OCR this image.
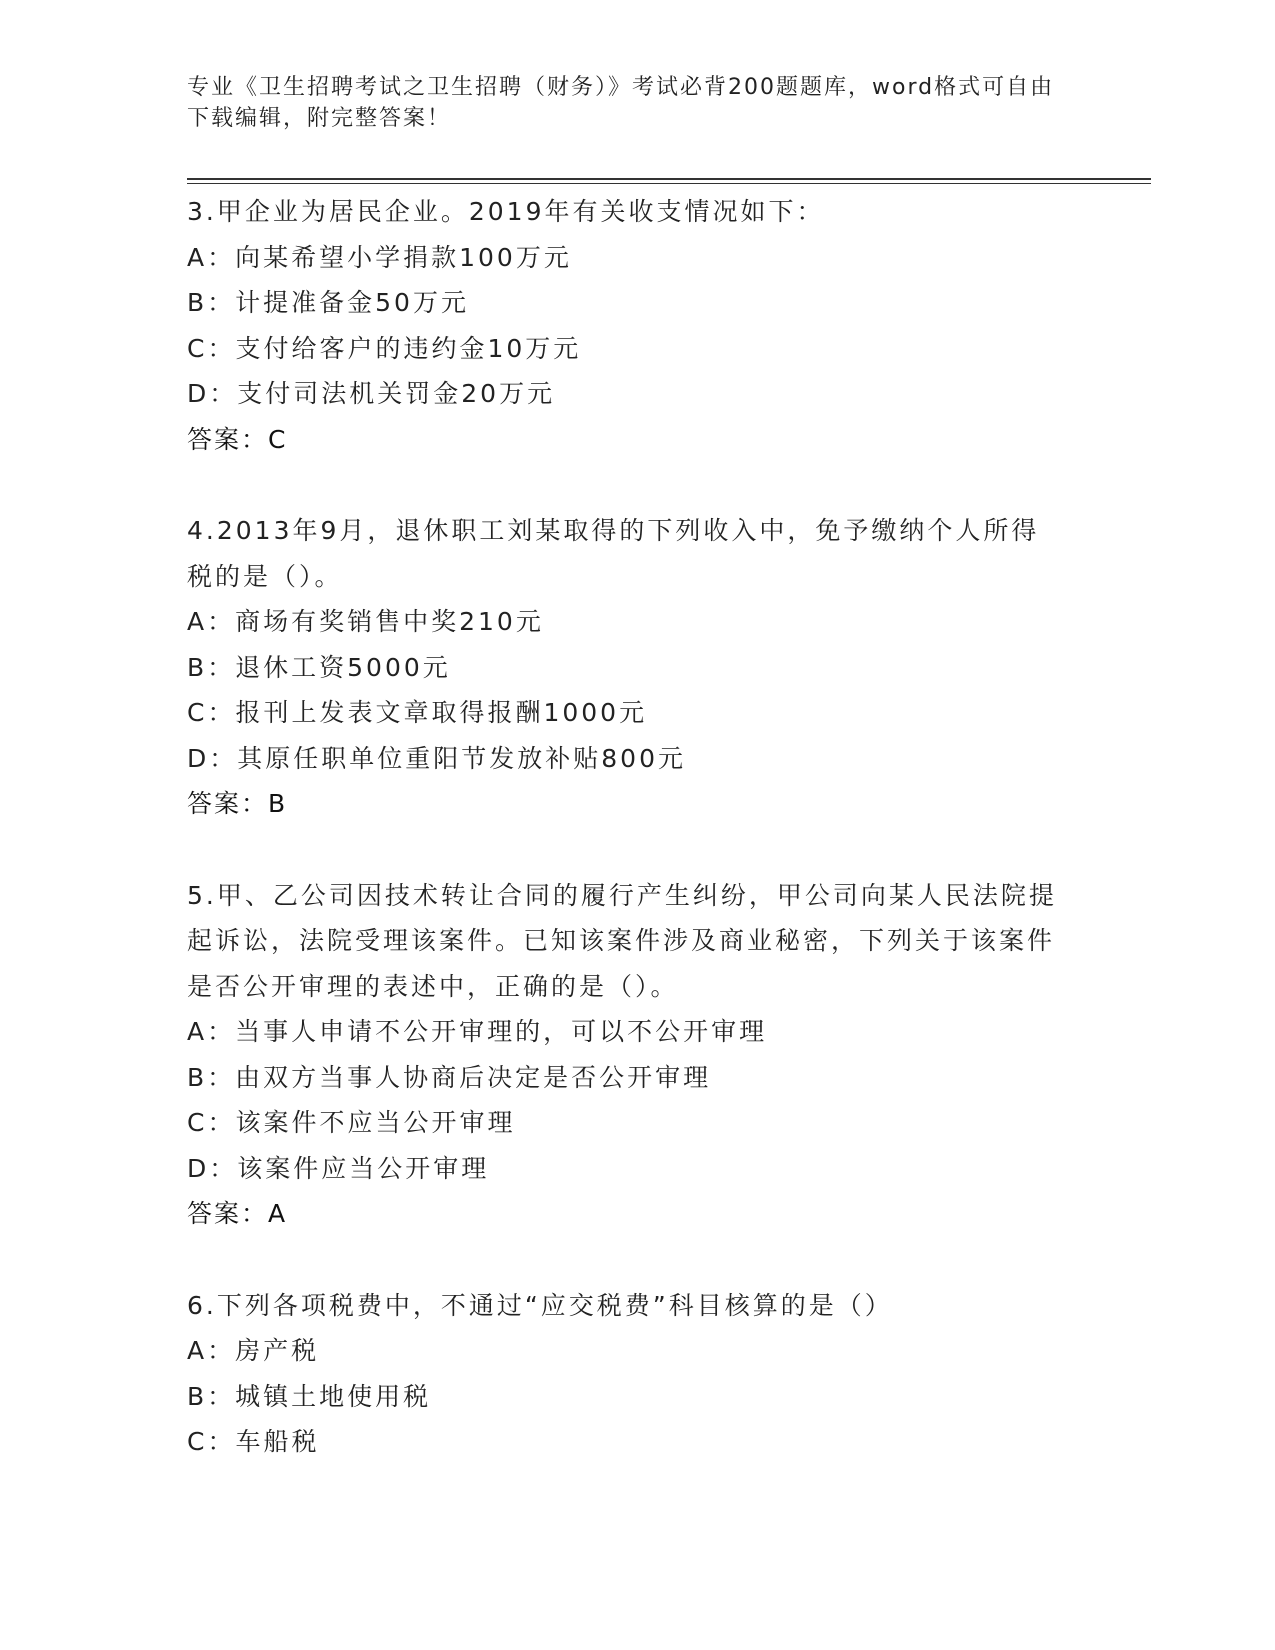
专业《卫生招聘考试之卫生招聘（财务）》考试必背200题题库，word格式可自由下载编辑，附完整答案！
3.甲企业为居民企业。2019年有关收支情况如下：
A：向某希望小学捐款100万元
B：计提准备金50万元
C：支付给客户的违约金10万元
D：支付司法机关罚金20万元
答案：C
4.2013年9月，退休职工刘某取得的下列收入中，免予缴纳个人所得税的是（）。
A：商场有奖销售中奖210元
B：退休工资5000元
C：报刊上发表文章取得报酬1000元
D：其原任职单位重阳节发放补贴800元
答案：B
5.甲、乙公司因技术转让合同的履行产生纠纷，甲公司向某人民法院提起诉讼，法院受理该案件。已知该案件涉及商业秘密，下列关于该案件是否公开审理的表述中，正确的是（）。
A：当事人申请不公开审理的，可以不公开审理
B：由双方当事人协商后决定是否公开审理
C：该案件不应当公开审理
D：该案件应当公开审理
答案：A
6.下列各项税费中，不通过“应交税费”科目核算的是（）
A：房产税
B：城镇土地使用税
C：车船税
